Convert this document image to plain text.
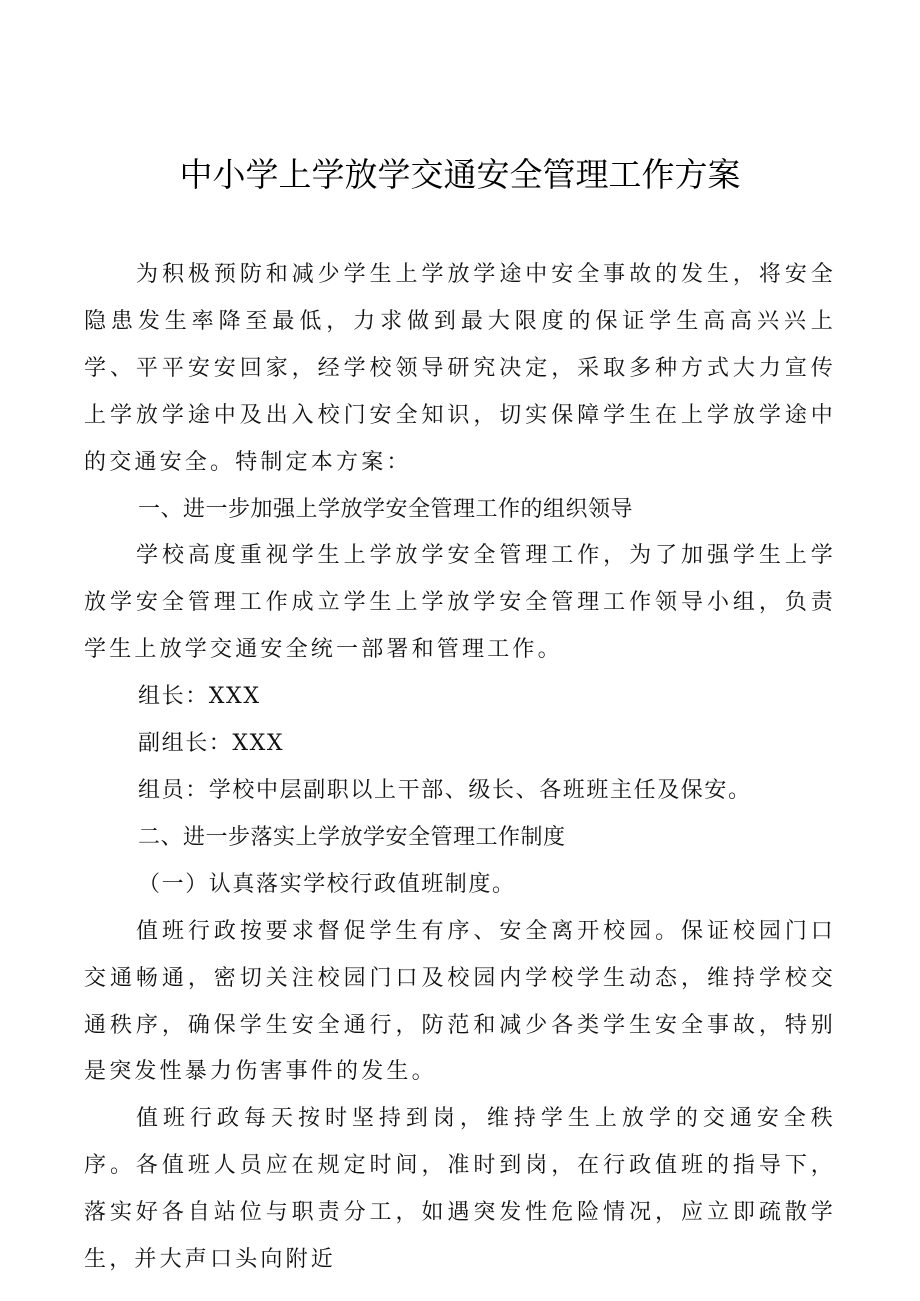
中小学上学放学交通安全管理工作方案

为积极预防和减少学生上学放学途中安全事故的发生，将安全隐患发生率降至最低，力求做到最大限度的保证学生高高兴兴上学、平平安安回家，经学校领导研究决定，采取多种方式大力宣传上学放学途中及出入校门安全知识，切实保障学生在上学放学途中的交通安全。特制定本方案：

一、进一步加强上学放学安全管理工作的组织领导

学校高度重视学生上学放学安全管理工作，为了加强学生上学放学安全管理工作成立学生上学放学安全管理工作领导小组，负责学生上放学交通安全统一部署和管理工作。

组长：XXX

副组长：XXX

组员：学校中层副职以上干部、级长、各班班主任及保安。

二、进一步落实上学放学安全管理工作制度

（一）认真落实学校行政值班制度。

值班行政按要求督促学生有序、安全离开校园。保证校园门口交通畅通，密切关注校园门口及校园内学校学生动态，维持学校交通秩序，确保学生安全通行，防范和减少各类学生安全事故，特别是突发性暴力伤害事件的发生。

值班行政每天按时坚持到岗，维持学生上放学的交通安全秩序。各值班人员应在规定时间，准时到岗，在行政值班的指导下，落实好各自站位与职责分工，如遇突发性危险情况，应立即疏散学生，并大声口头向附近
